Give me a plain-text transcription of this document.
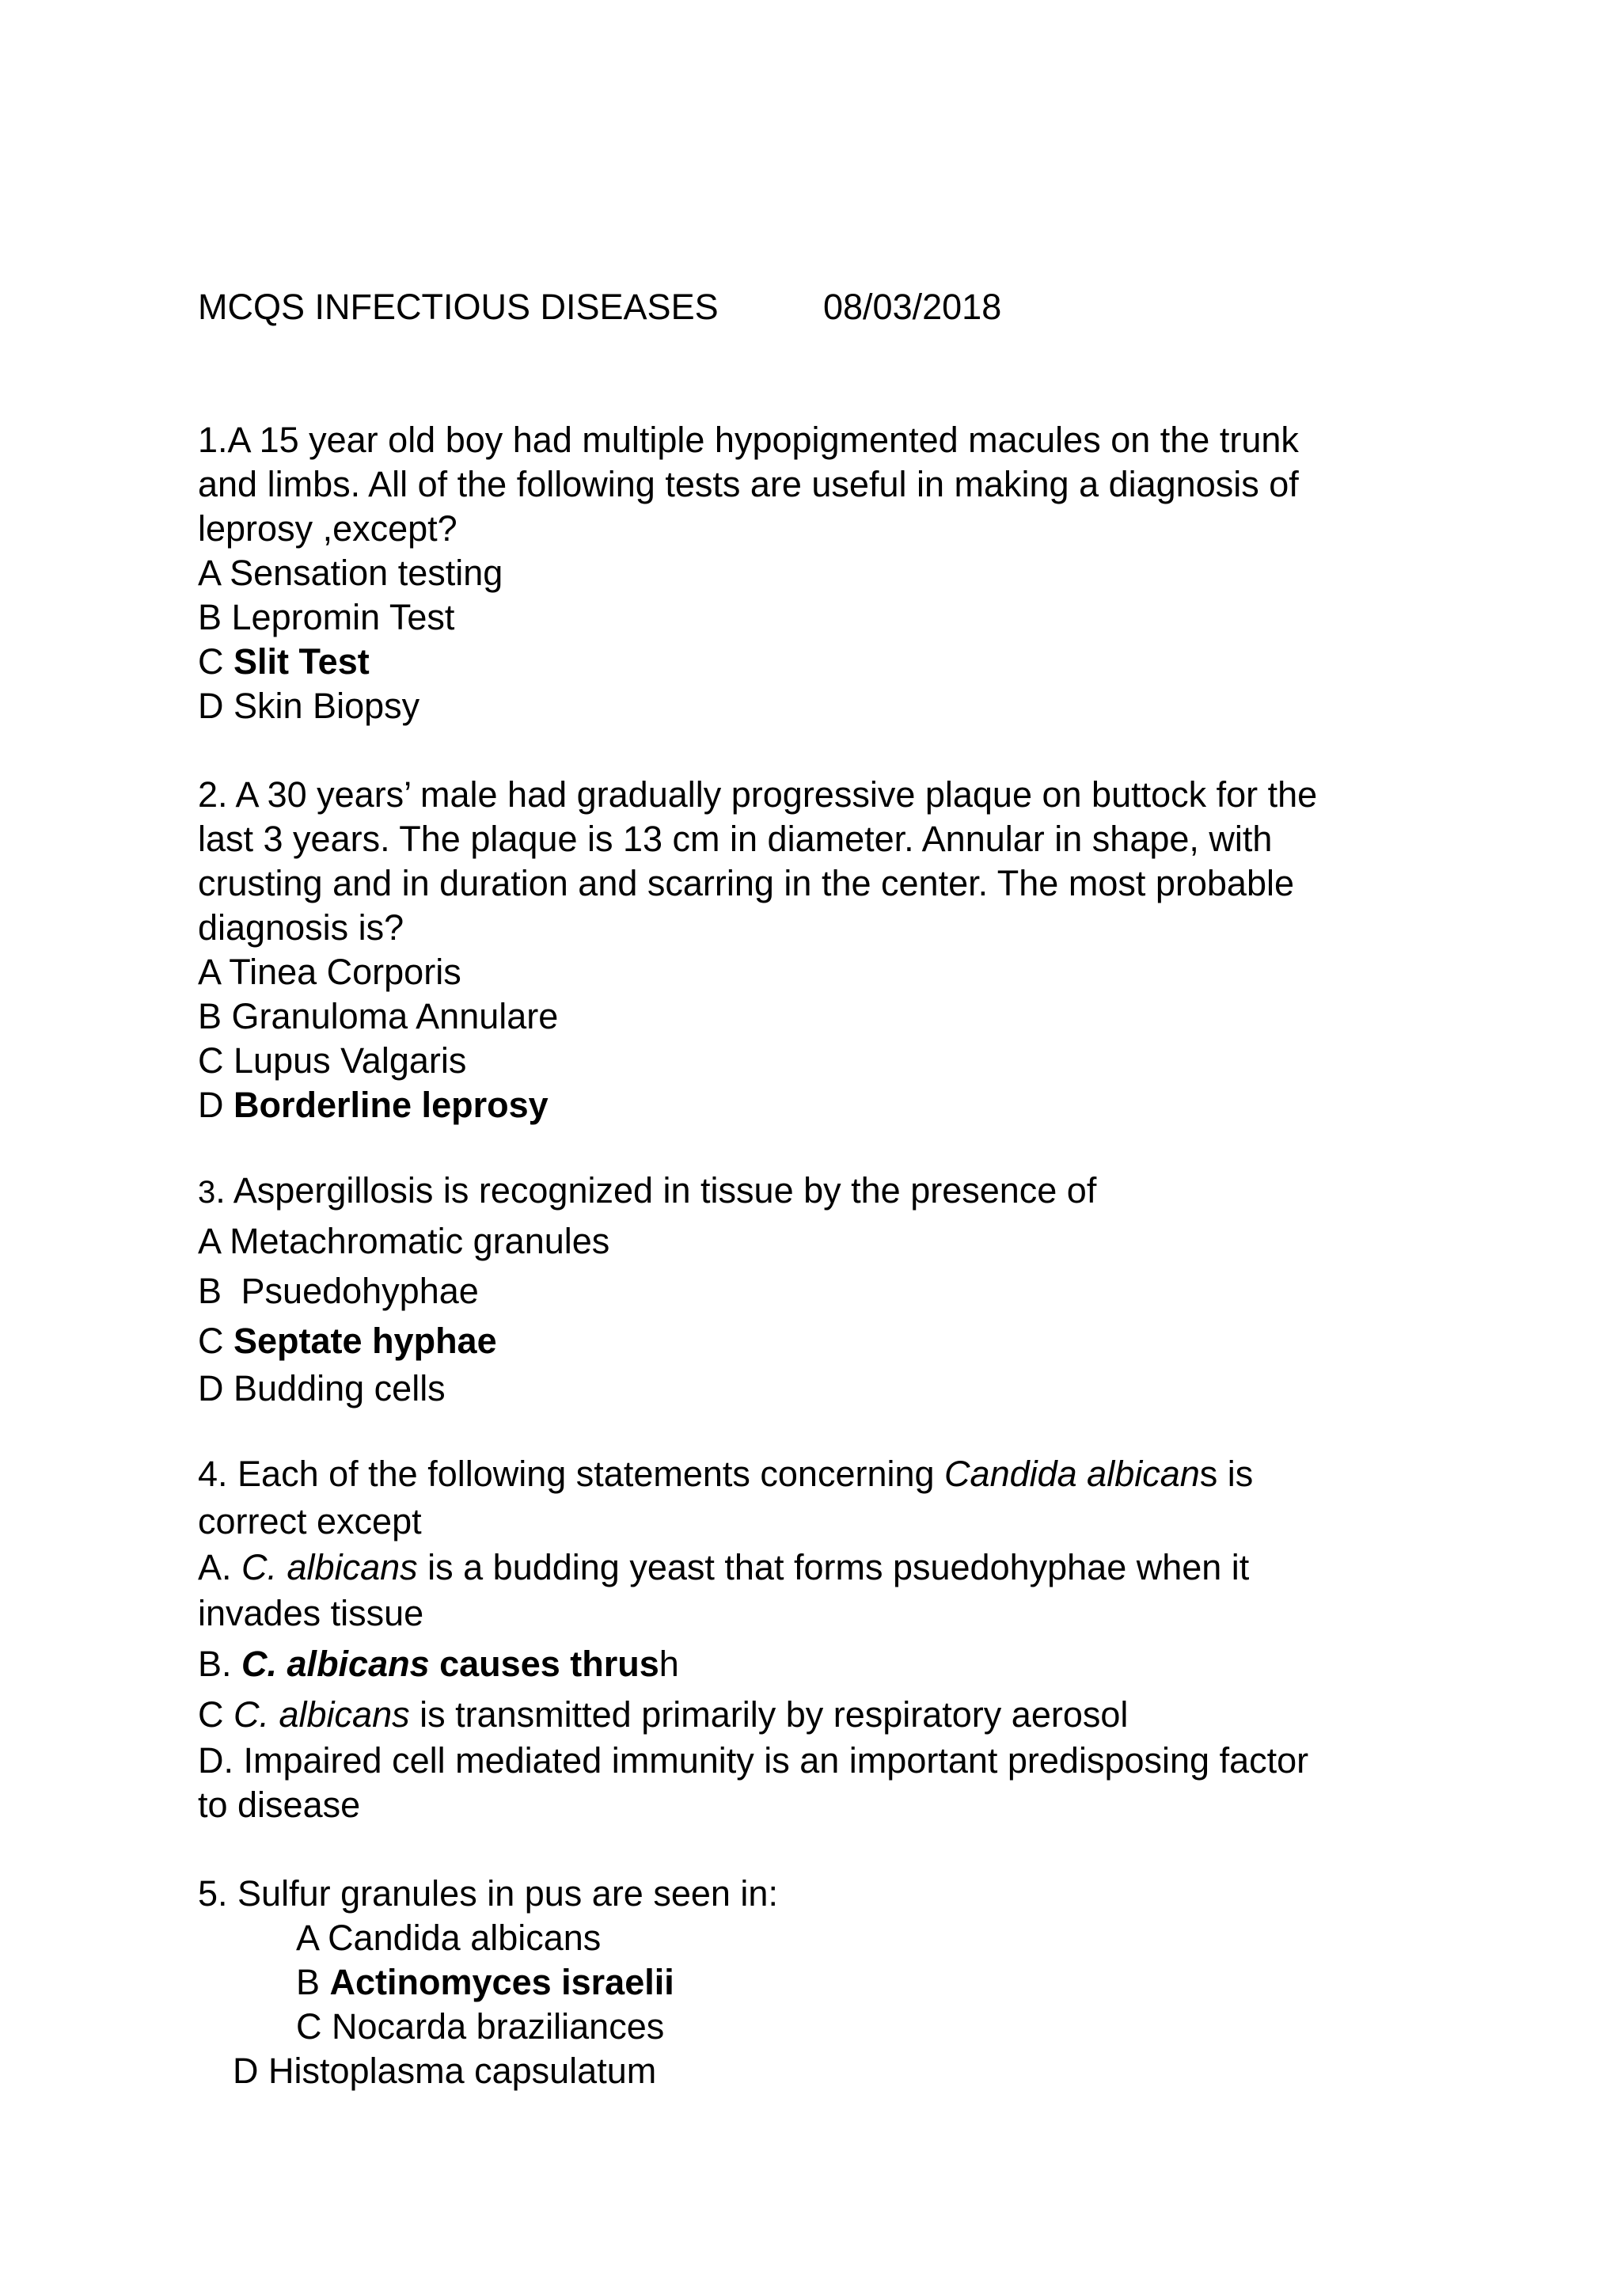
MCQS INFECTIOUS DISEASES	08/03/2018
1.A 15 year old boy had multiple hypopigmented macules on the trunk
and limbs. All of the following tests are useful in making a diagnosis of
leprosy ,except?
A Sensation testing
B Lepromin Test
C Slit Test
D Skin Biopsy
2. A 30 years’ male had gradually progressive plaque on buttock for the
last 3 years. The plaque is 13 cm in diameter. Annular in shape, with
crusting and in duration and scarring in the center. The most probable
diagnosis is?
A Tinea Corporis
B Granuloma Annulare
C Lupus Valgaris
D Borderline leprosy
3. Aspergillosis is recognized in tissue by the presence of
A Metachromatic granules
B Psuedohyphae
C Septate hyphae
D Budding cells
4. Each of the following statements concerning Candida albicans is
correct except
A. C. albicans is a budding yeast that forms psuedohyphae when it
invades tissue
B. C. albicans causes thrush
C C. albicans is transmitted primarily by respiratory aerosol
D. Impaired cell mediated immunity is an important predisposing factor
to disease
5. Sulfur granules in pus are seen in:
A Candida albicans
B Actinomyces israelii
C Nocarda braziliances
D Histoplasma capsulatum
